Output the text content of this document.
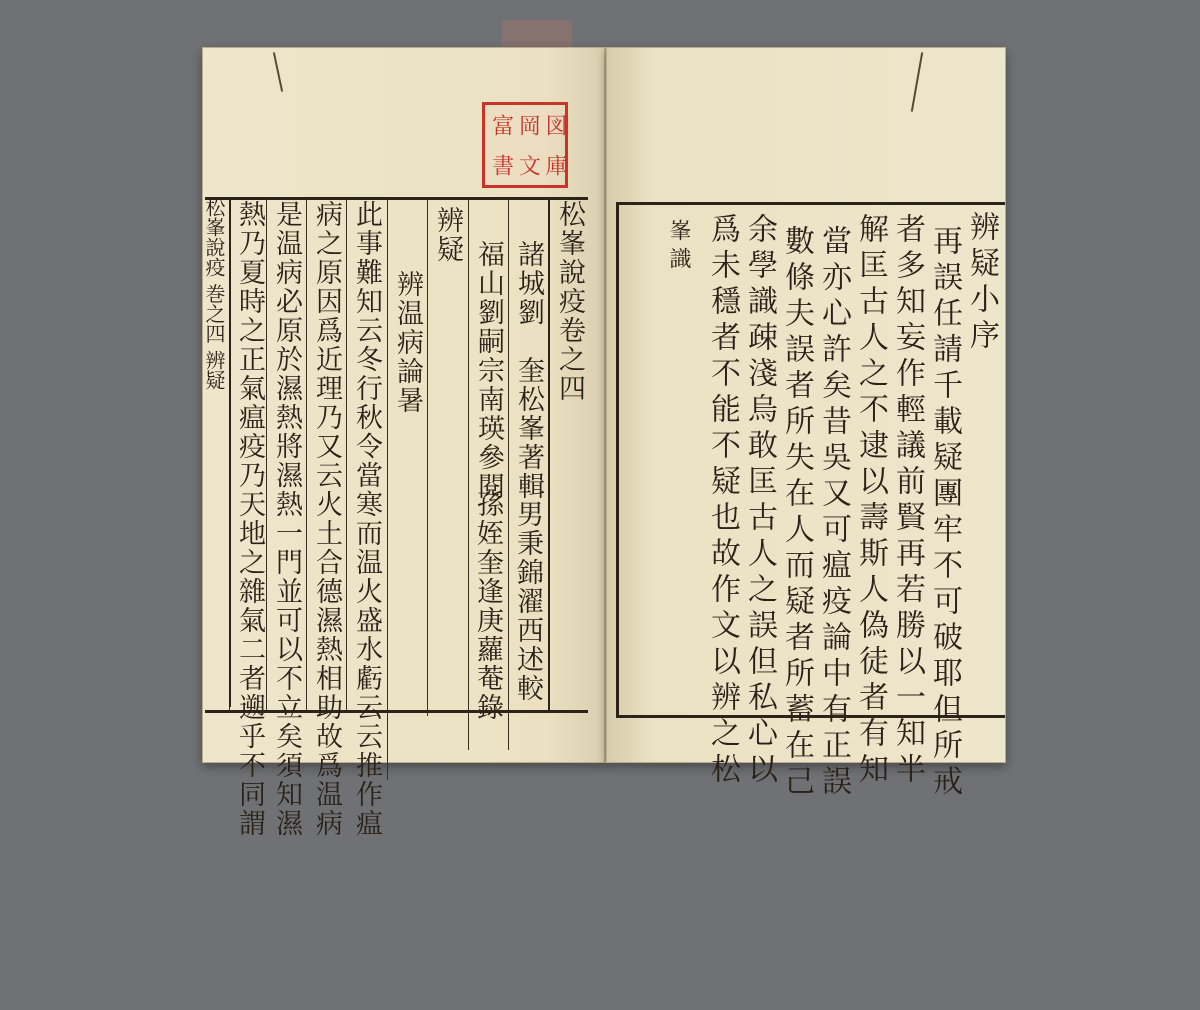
富 岡 図
書 文 庫
松峯說疫卷之四
諸城劉　奎松峯著輯
男秉錦濯西述較
福山劉嗣宗南瑛參閱
孫姪奎逢庚蘿菴錄
辨疑
辨温病論暑
此事難知云冬行秋令當寒而温火盛水虧云云推作瘟
病之原因爲近理乃又云火土合德濕熱相助故爲温病
是温病必原於濕熱將濕熱一門並可以不立矣須知濕
熱乃夏時之正氣瘟疫乃天地之雜氣二者遡乎不同謂
松峯說疫 巻之四 辨疑	辨疑小序
再誤任請千載疑團牢不可破耶但所戒
者多知妄作輕議前賢再若勝以一知半
解匡古人之不逮以壽斯人偽徒者有知
當亦心許矣昔吳又可瘟疫論中有正誤
數條夫誤者所失在人而疑者所蓄在己
余學識疎淺烏敢匡古人之誤但私心以
爲未穩者不能不疑也故作文以辨之松
峯識
